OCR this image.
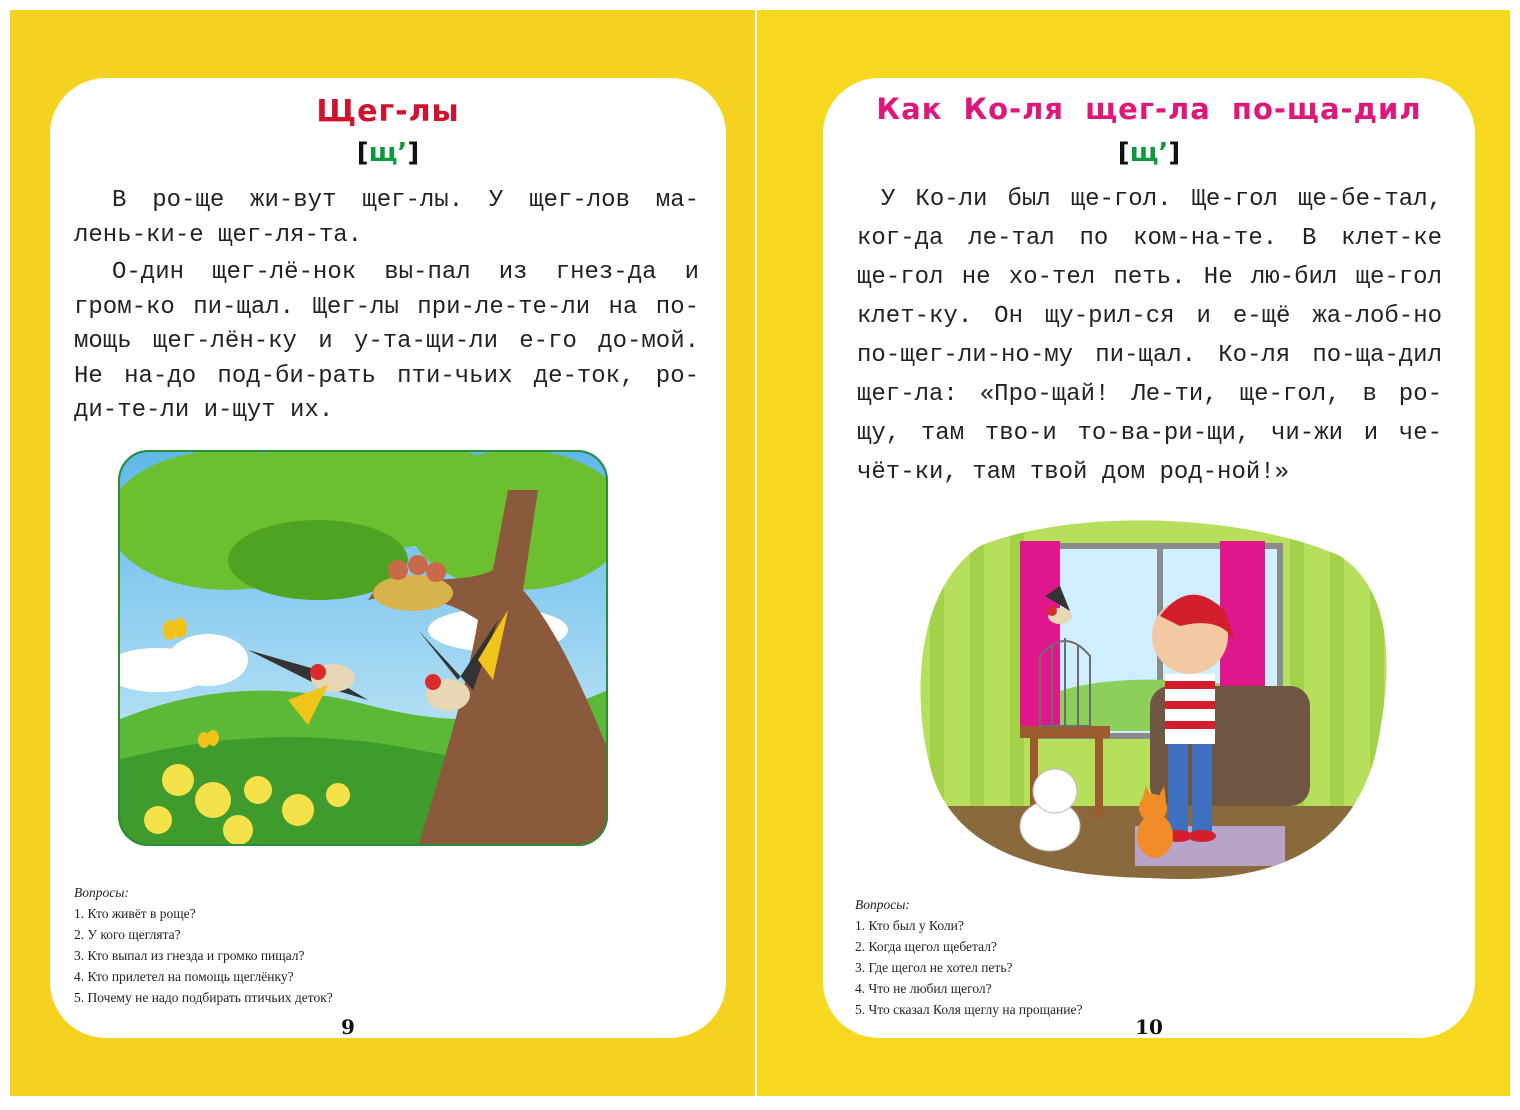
Щег-лы
[щ’]
В ро-ще жи-вут щег-лы. У щег-лов ма-лень-ки-е щег-ля-та.
О-дин щег-лё-нок вы-пал из гнез-да и гром-ко пи-щал. Щег-лы при-ле-те-ли на по-мощь щег-лён-ку и у-та-щи-ли е-го до-мой. Не на-до под-би-рать пти-чьих де-ток, ро-ди-те-ли и-щут их.
Вопросы:
1. Кто живёт в роще?
2. У кого щеглята?
3. Кто выпал из гнезда и громко пищал?
4. Кто прилетел на помощь щеглёнку?
5. Почему не надо подбирать птичьих деток?
9
Как Ко-ля щег-ла по-ща-дил
[щ’]
У Ко-ли был ще-гол. Ще-гол ще-бе-тал, ког-да ле-тал по ком-на-те. В клет-ке ще-гол не хо-тел петь. Не лю-бил ще-гол клет-ку. Он щу-рил-ся и е-щё жа-лоб-но по-щег-ли-но-му пи-щал. Ко-ля по-ща-дил щег-ла: «Про-щай! Ле-ти, ще-гол, в ро-щу, там тво-и то-ва-ри-щи, чи-жи и че-чёт-ки, там твой дом род-ной!»
Вопросы:
1. Кто был у Коли?
2. Когда щегол щебетал?
3. Где щегол не хотел петь?
4. Что не любил щегол?
5. Что сказал Коля щеглу на прощание?
10
